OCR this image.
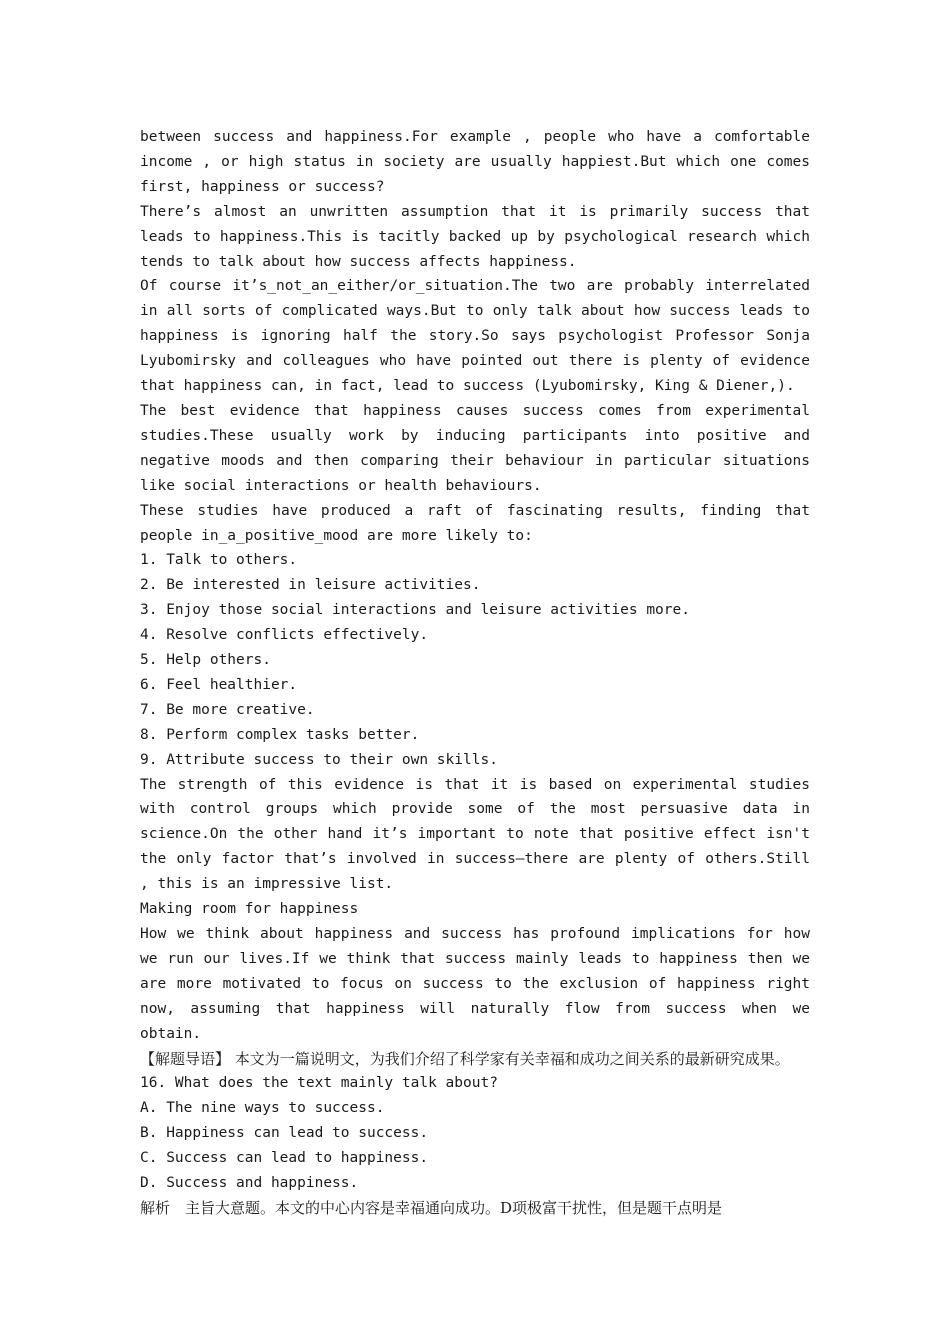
between success and happiness.For example , people who have a comfortable income , or high status in society are usually happiest.But which one comes first, happiness or success?

There’s almost an unwritten assumption that it is primarily success that leads to happiness.This is tacitly backed up by psychological research which tends to talk about how success affects happiness.

Of course it’s_not_an_either/or_situation.The two are probably interrelated in all sorts of complicated ways.But to only talk about how success leads to happiness is ignoring half the story.So says psychologist Professor Sonja Lyubomirsky and colleagues who have pointed out there is plenty of evidence that happiness can, in fact, lead to success (Lyubomirsky, King & Diener,).

The best evidence that happiness causes success comes from experimental studies.These usually work by inducing participants into positive and negative moods and then comparing their behaviour in particular situations like social interactions or health behaviours.

These studies have produced a raft of fascinating results, finding that people in_a_positive_mood are more likely to:

1. Talk to others.

2. Be interested in leisure activities.

3. Enjoy those social interactions and leisure activities more.

4. Resolve conflicts effectively.

5. Help others.

6. Feel healthier.

7. Be more creative.

8. Perform complex tasks better.

9. Attribute success to their own skills.

The strength of this evidence is that it is based on experimental studies with control groups which provide some of the most persuasive data in science.On the other hand it’s important to note that positive effect isn't the only factor that’s involved in success—there are plenty of others.Still , this is an impressive list.

Making room for happiness

How we think about happiness and success has profound implications for how we run our lives.If we think that success mainly leads to happiness then we are more motivated to focus on success to the exclusion of happiness right now, assuming that happiness will naturally flow from success when we obtain.

【解题导语】 本文为一篇说明文，为我们介绍了科学家有关幸福和成功之间关系的最新研究成果。

16. What does the text mainly talk about?

A. The nine ways to success.

B. Happiness can lead to success.

C. Success can lead to happiness.

D. Success and happiness.

解析　主旨大意题。本文的中心内容是幸福通向成功。D项极富干扰性，但是题干点明是
